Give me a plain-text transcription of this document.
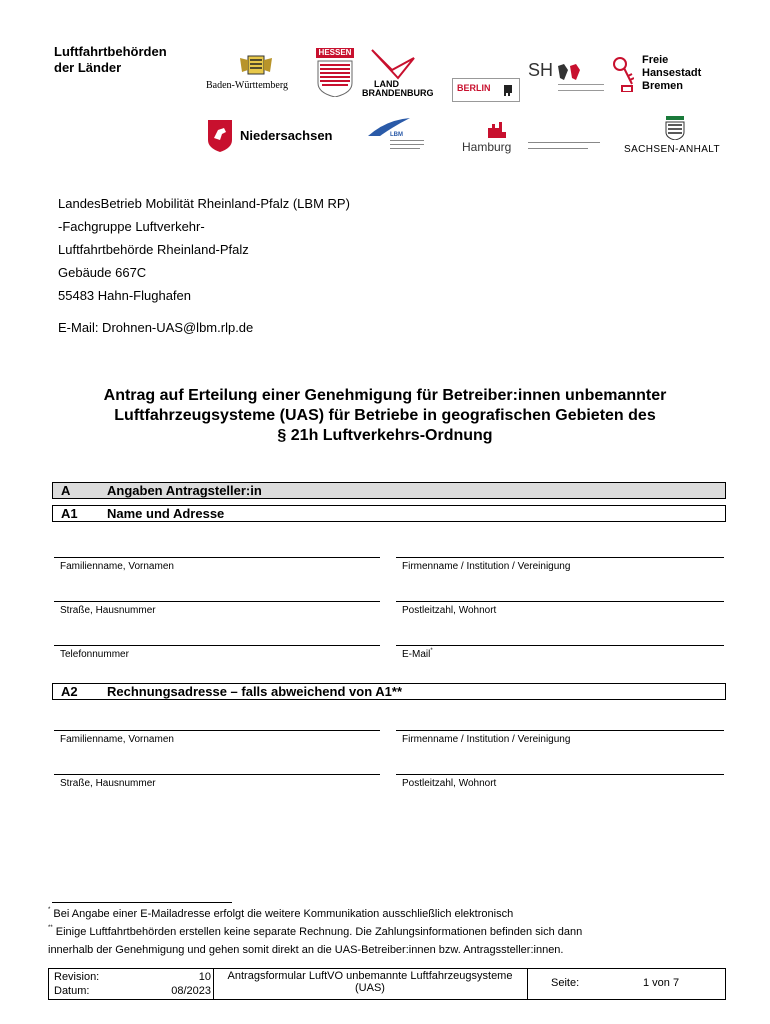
Luftfahrtbehörden
der Länder
Baden-Württemberg
HESSEN
LAND
BRANDENBURG	BERLIN
SH	Freie
Hansestadt
Bremen
Niedersachsen	LBM
Hamburg	SACHSEN-ANHALT
LandesBetrieb Mobilität Rheinland-Pfalz (LBM RP)
-Fachgruppe Luftverkehr-
Luftfahrtbehörde Rheinland-Pfalz
Gebäude 667C
55483 Hahn-Flughafen
E-Mail: Drohnen-UAS@lbm.rlp.de
Antrag auf Erteilung einer Genehmigung für Betreiber:innen unbemannter
Luftfahrzeugsysteme (UAS) für Betriebe in geografischen Gebieten des
§ 21h Luftverkehrs-Ordnung
A	Angaben Antragsteller:in
A1 Name und Adresse
Familienname, Vornamen	Firmenname / Institution / Vereinigung
Straße, Hausnummer	Postleitzahl, Wohnort
Telefonnummer	E-Mail*
A2 Rechnungsadresse – falls abweichend von A1**
Familienname, Vornamen	Firmenname / Institution / Vereinigung
Straße, Hausnummer	Postleitzahl, Wohnort
* Bei Angabe einer E-Mailadresse erfolgt die weitere Kommunikation ausschließlich elektronisch
** Einige Luftfahrtbehörden erstellen keine separate Rechnung. Die Zahlungsinformationen befinden sich dann
innerhalb der Genehmigung und gehen somit direkt an die UAS-Betreiber:innen bzw. Antragssteller:innen.
Revision:	10
Datum:	08/2023
Antragsformular LuftVO unbemannte Luftfahrzeugsysteme
(UAS)	Seite:	1 von 7
